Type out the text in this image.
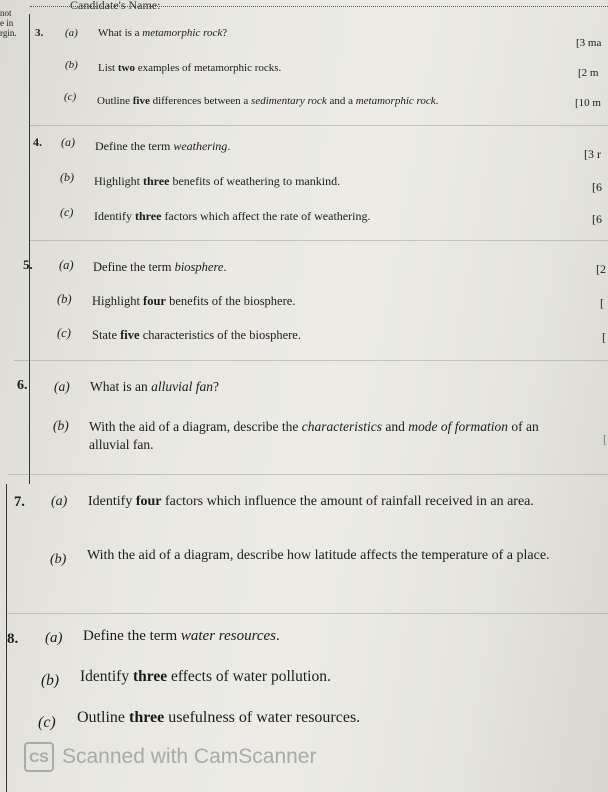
Candidate's Name:
not
e in
rgin. 3. (a) What is a metamorphic rock?
[3 ma
(b) List two examples of metamorphic rocks.	[2 m
(c) Outline five differences between a sedimentary rock and a metamorphic rock.	[10 m
4. (a) Define the term weathering.
[3 r
(b) Highlight three benefits of weathering to mankind.	[6
(c) Identify three factors which affect the rate of weathering.	[6
5. (a) Define the term biosphere.	[2
(b) Highlight four benefits of the biosphere.	[
(c) State five characteristics of the biosphere.	[
6. (a) What is an alluvial fan?
(b) With the aid of a diagram, describe the characteristics and mode of formation of an alluvial fan.	[
7. (a) Identify four factors which influence the amount of rainfall received in an area.
(b) With the aid of a diagram, describe how latitude affects the temperature of a place.
8. (a) Define the term water resources.
(b) Identify three effects of water pollution.
(c) Outline three usefulness of water resources.
CS Scanned with CamScanner
